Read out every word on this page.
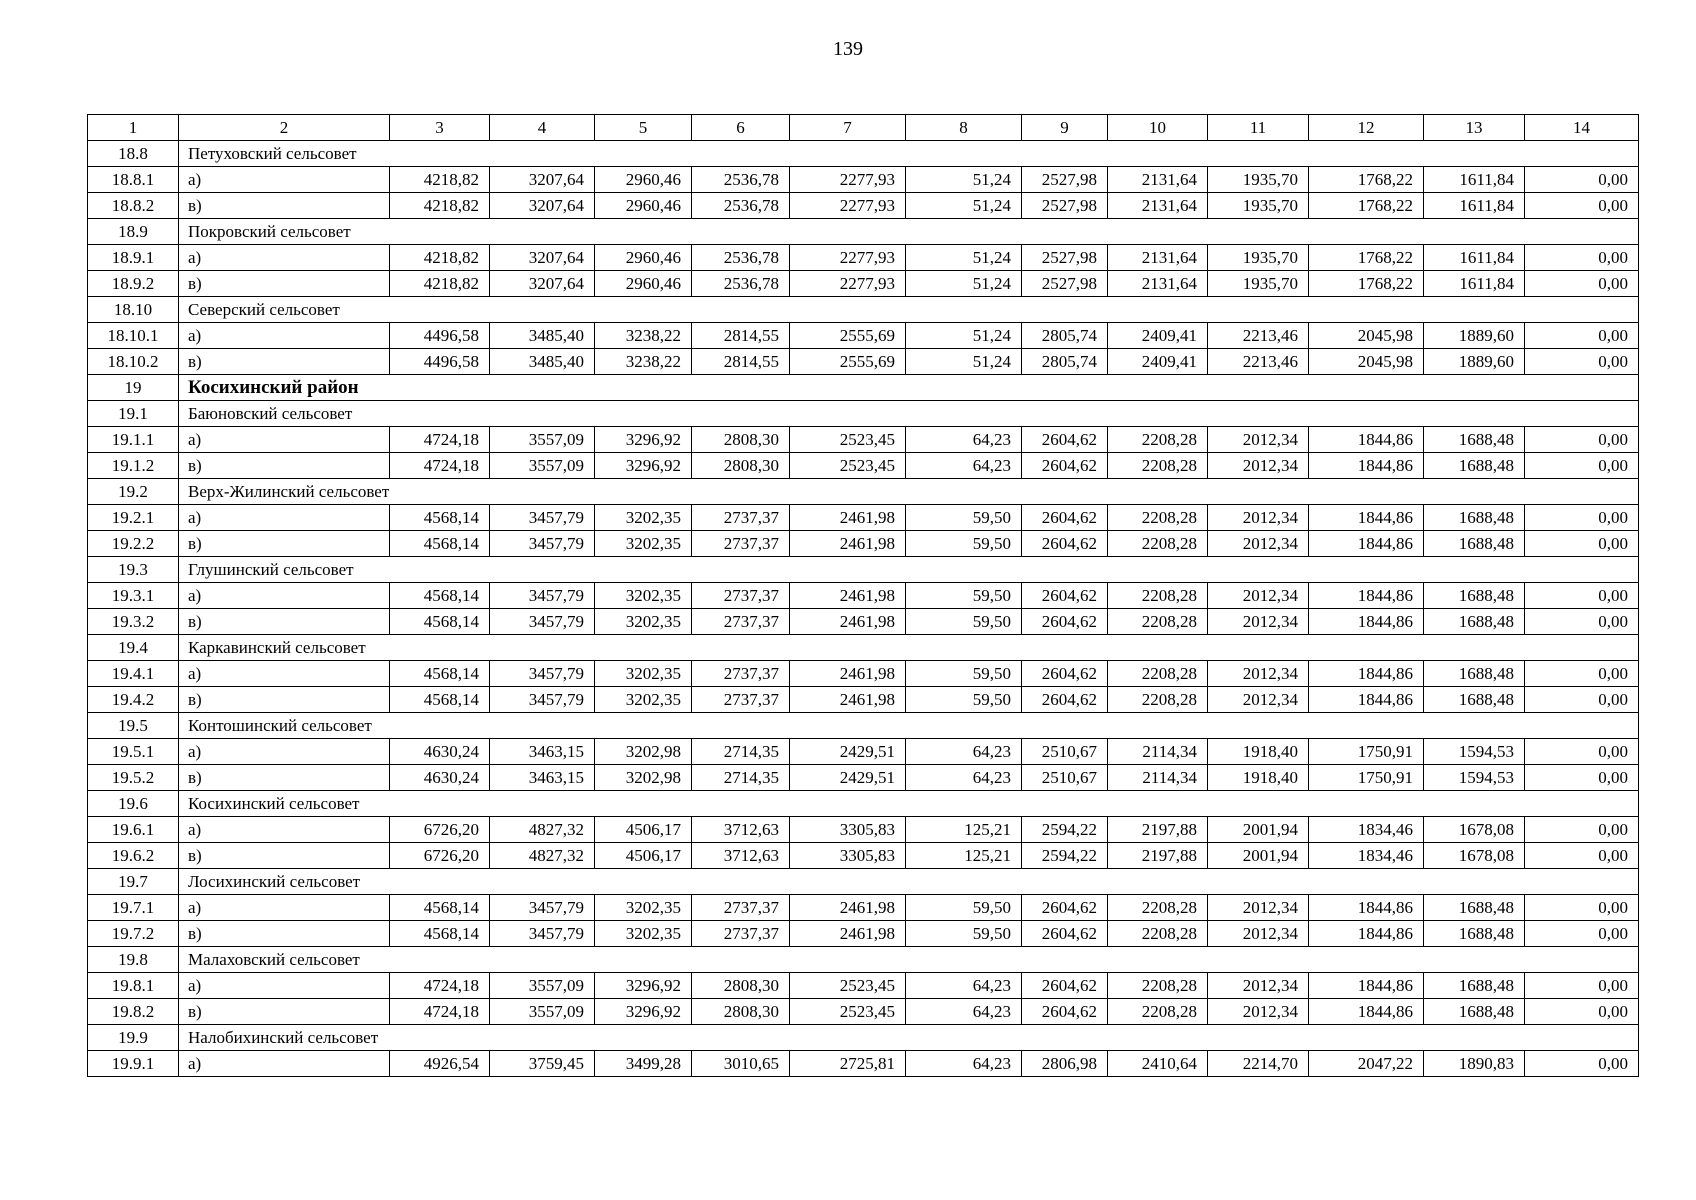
139
1	2	3	4	5	6	7	8	9	10	11	12	13	14
18.8	Петуховский сельсовет												
18.8.1	а)	4218,82	3207,64	2960,46	2536,78	2277,93	51,24	2527,98	2131,64	1935,70	1768,22	1611,84	0,00
18.8.2	в)	4218,82	3207,64	2960,46	2536,78	2277,93	51,24	2527,98	2131,64	1935,70	1768,22	1611,84	0,00
18.9	Покровский сельсовет												
18.9.1	а)	4218,82	3207,64	2960,46	2536,78	2277,93	51,24	2527,98	2131,64	1935,70	1768,22	1611,84	0,00
18.9.2	в)	4218,82	3207,64	2960,46	2536,78	2277,93	51,24	2527,98	2131,64	1935,70	1768,22	1611,84	0,00
18.10	Северский сельсовет												
18.10.1	а)	4496,58	3485,40	3238,22	2814,55	2555,69	51,24	2805,74	2409,41	2213,46	2045,98	1889,60	0,00
18.10.2	в)	4496,58	3485,40	3238,22	2814,55	2555,69	51,24	2805,74	2409,41	2213,46	2045,98	1889,60	0,00
19	Косихинский район												
19.1	Баюновский сельсовет												
19.1.1	а)	4724,18	3557,09	3296,92	2808,30	2523,45	64,23	2604,62	2208,28	2012,34	1844,86	1688,48	0,00
19.1.2	в)	4724,18	3557,09	3296,92	2808,30	2523,45	64,23	2604,62	2208,28	2012,34	1844,86	1688,48	0,00
19.2	Верх-Жилинский сельсовет												
19.2.1	а)	4568,14	3457,79	3202,35	2737,37	2461,98	59,50	2604,62	2208,28	2012,34	1844,86	1688,48	0,00
19.2.2	в)	4568,14	3457,79	3202,35	2737,37	2461,98	59,50	2604,62	2208,28	2012,34	1844,86	1688,48	0,00
19.3	Глушинский сельсовет												
19.3.1	а)	4568,14	3457,79	3202,35	2737,37	2461,98	59,50	2604,62	2208,28	2012,34	1844,86	1688,48	0,00
19.3.2	в)	4568,14	3457,79	3202,35	2737,37	2461,98	59,50	2604,62	2208,28	2012,34	1844,86	1688,48	0,00
19.4	Каркавинский сельсовет												
19.4.1	а)	4568,14	3457,79	3202,35	2737,37	2461,98	59,50	2604,62	2208,28	2012,34	1844,86	1688,48	0,00
19.4.2	в)	4568,14	3457,79	3202,35	2737,37	2461,98	59,50	2604,62	2208,28	2012,34	1844,86	1688,48	0,00
19.5	Контошинский сельсовет												
19.5.1	а)	4630,24	3463,15	3202,98	2714,35	2429,51	64,23	2510,67	2114,34	1918,40	1750,91	1594,53	0,00
19.5.2	в)	4630,24	3463,15	3202,98	2714,35	2429,51	64,23	2510,67	2114,34	1918,40	1750,91	1594,53	0,00
19.6	Косихинский сельсовет												
19.6.1	а)	6726,20	4827,32	4506,17	3712,63	3305,83	125,21	2594,22	2197,88	2001,94	1834,46	1678,08	0,00
19.6.2	в)	6726,20	4827,32	4506,17	3712,63	3305,83	125,21	2594,22	2197,88	2001,94	1834,46	1678,08	0,00
19.7	Лосихинский сельсовет												
19.7.1	а)	4568,14	3457,79	3202,35	2737,37	2461,98	59,50	2604,62	2208,28	2012,34	1844,86	1688,48	0,00
19.7.2	в)	4568,14	3457,79	3202,35	2737,37	2461,98	59,50	2604,62	2208,28	2012,34	1844,86	1688,48	0,00
19.8	Малаховский сельсовет												
19.8.1	а)	4724,18	3557,09	3296,92	2808,30	2523,45	64,23	2604,62	2208,28	2012,34	1844,86	1688,48	0,00
19.8.2	в)	4724,18	3557,09	3296,92	2808,30	2523,45	64,23	2604,62	2208,28	2012,34	1844,86	1688,48	0,00
19.9	Налобихинский сельсовет												
19.9.1	а)	4926,54	3759,45	3499,28	3010,65	2725,81	64,23	2806,98	2410,64	2214,70	2047,22	1890,83	0,00
